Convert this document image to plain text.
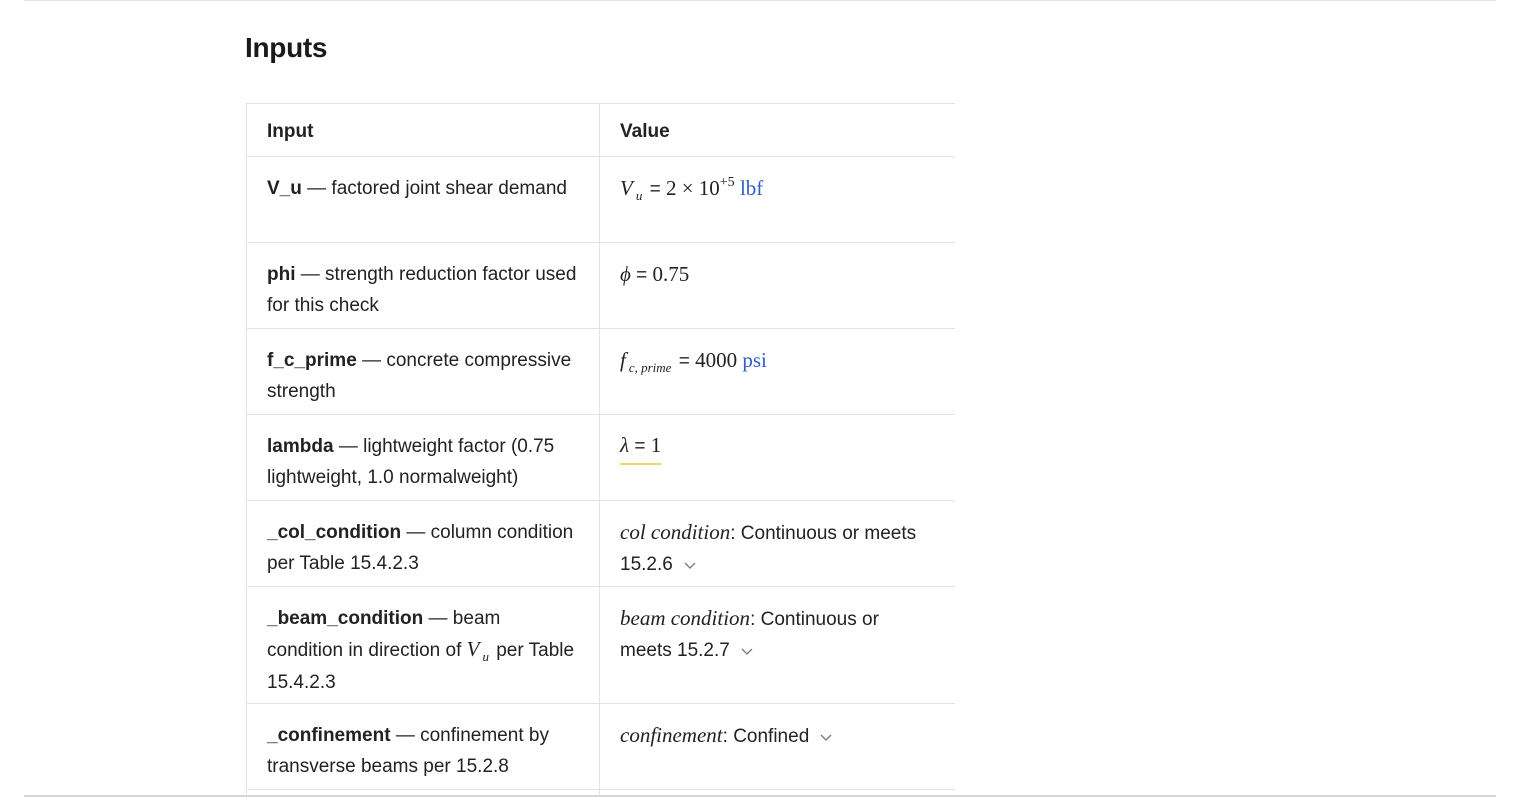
Inputs
Input	Value
V_u — factored joint shear demand	V $_u = 2 \times 10^{+5}$ lbf
phi — strength reduction factor used for this check	ϕ = 0.75
f_c_prime — concrete compressive strength	f $_{c, prime}$ = 4000 psi
lambda — lightweight factor (0.75 lightweight, 1.0 normalweight)	λ = 1
_col_condition — column condition per Table 15.4.2.3	col condition: Continuous or meets 15.2.6

_beam_condition — beam condition in direction of V $_u$ per Table 15.4.2.3	beam condition: Continuous or meets 15.2.7

_confinement — confinement by transverse beams per 15.2.8	confinement: Confined
